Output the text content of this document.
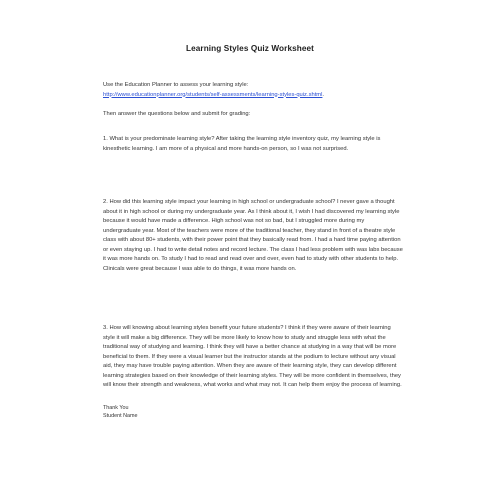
Learning Styles Quiz Worksheet
Use the Education Planner to assess your learning style:
http://www.educationplanner.org/students/self-assessments/learning-styles-quiz.shtml.
Then answer the questions below and submit for grading:
1. What is your predominate learning style? After taking the learning style inventory quiz, my learning style is kinesthetic learning. I am more of a physical and more hands-on person, so I was not surprised.
2. How did this learning style impact your learning in high school or undergraduate school? I never gave a thought about it in high school or during my undergraduate year. As I think about it, I wish I had discovered my learning style because it would have made a difference. High school was not so bad, but I struggled more during my undergraduate year. Most of the teachers were more of the traditional teacher, they stand in front of a theatre style class with about 80+ students, with their power point that they basically read from. I had a hard time paying attention or even staying up. I had to write detail notes and record lecture. The class I had less problem with was labs because it was more hands on. To study I had to read and read over and over, even had to study with other students to help. Clinicals were great because I was able to do things, it was more hands on.
3. How will knowing about learning styles benefit your future students? I think if they were aware of their learning style it will make a big difference. They will be more likely to know how to study and struggle less with what the traditional way of studying and learning. I think they will have a better chance at studying in a way that will be more beneficial to them. If they were a visual learner but the instructor stands at the podium to lecture without any visual aid, they may have trouble paying attention. When they are aware of their learning style, they can develop different learning strategies based on their knowledge of their learning styles. They will be more confident in themselves, they will know their strength and weakness, what works and what may not. It can help them enjoy the process of learning.
Thank You
Student Name
